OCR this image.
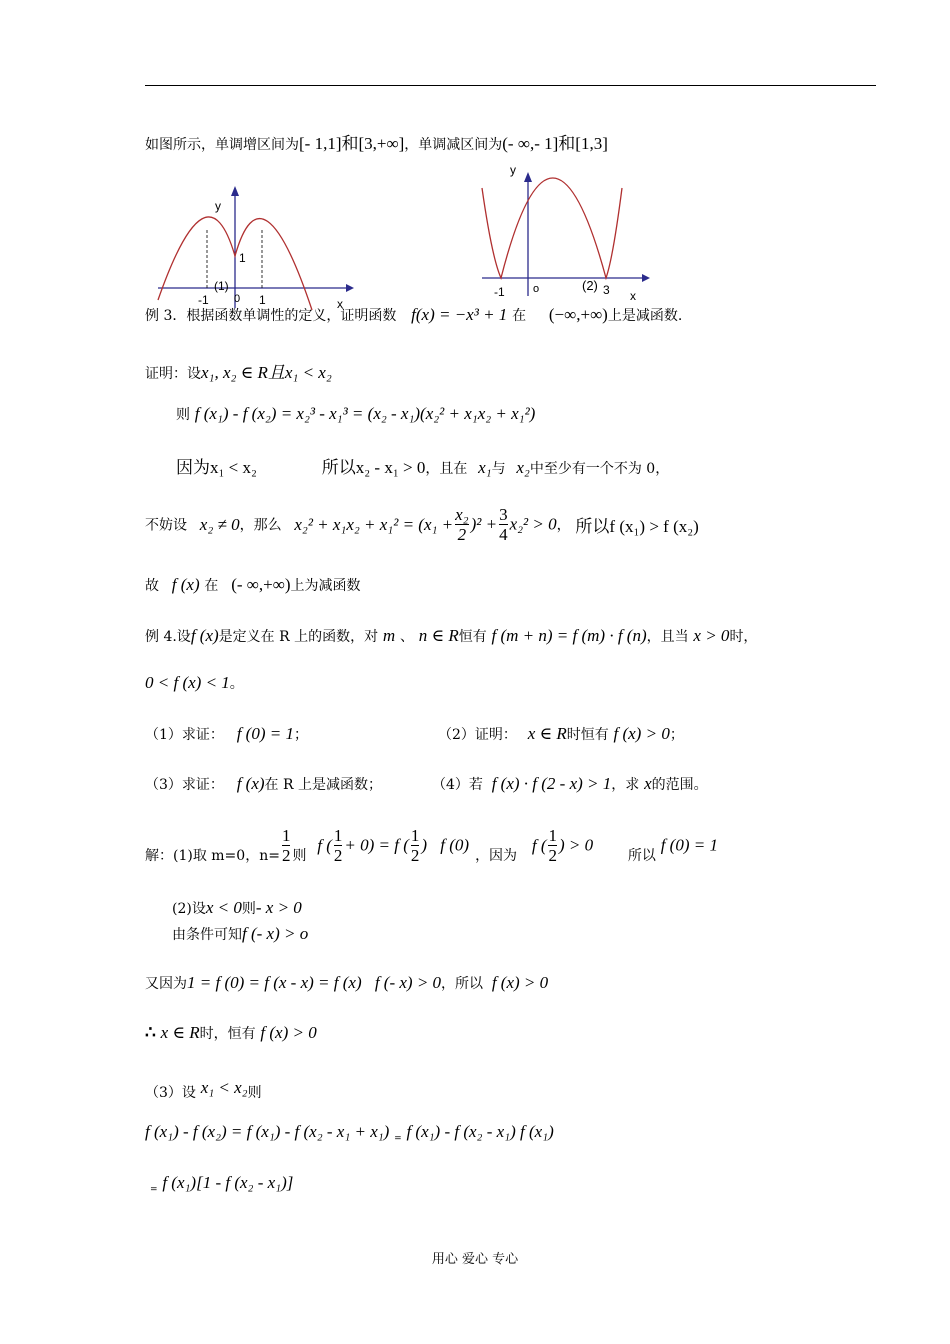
如图所示，单调增区间为[- 1,1]和[3,+∞]，单调减区间为(- ∞,- 1]和[1,3]
y
x
1
(1)
-1 0 1
y
(2)
x
-1	o	3
例 3．根据函数单调性的定义，证明函数 f(x) = −x³ + 1 在 (−∞,+∞)上是减函数.
证明：设x₁, x₂ ∈ R且x₁ < x₂
则 f (x₁) - f (x₂) = x₂³ - x₁³ = (x₂ - x₁)(x₂² + x₁x₂ + x₁²)
因为x₁ < x₂	所以x₂ - x₁ > 0，且在 x₁与 x₂中至少有一个不为 0，
不妨设 x₂ ≠ 0，那么 $x_2^2 + x_1x_2 + x_1^2 = (x_1 + \frac{\text{x₂}}{2} )^2 + \frac{3}{4} x_2^2 > 0$， 所以f (x₁) > f (x₂)
故 f (x) 在 (- ∞,+∞)上为减函数
例 4.设f (x)是定义在 R 上的函数，对 m 、 n ∈ R恒有 f (m + n) = f (m) · f (n)，且当 x > 0时，
0 < f (x) < 1。
（1）求证： f (0) = 1；	（2）证明： x ∈ R时恒有 f (x) > 0；
（3）求证： f (x)在 R 上是减函数；	（4）若 f (x) · f (2 - x) > 1，求 x的范围。
解：(1)取 m=0，$n= \frac{1}{2}$ 则 f ( $\frac{1}{2} + 0) = f$ ( $\frac{1}{2}$ )⃞f (0)，因为 f ( $\frac{1}{2}$ ) > 0 所以 f (0) = 1
(2)设x < 0则- x > 0
由条件可知f (- x) > o
又因为1 = f (0) = f (x - x) = f (x)⃞f (- x) > 0，所以 f (x) > 0
∴ x ∈ R时，恒有 f (x) > 0
（3）设 x₁ < x₂则
f (x₁) - f (x₂) = f (x₁) - f (x₂ - x₁ + x₁) $_=$ f (x₁) - f (x₂ - x₁) f (x₁)
$_=$ f (x₁)[1 - f (x₂ - x₁)]
用心 爱心 专心
